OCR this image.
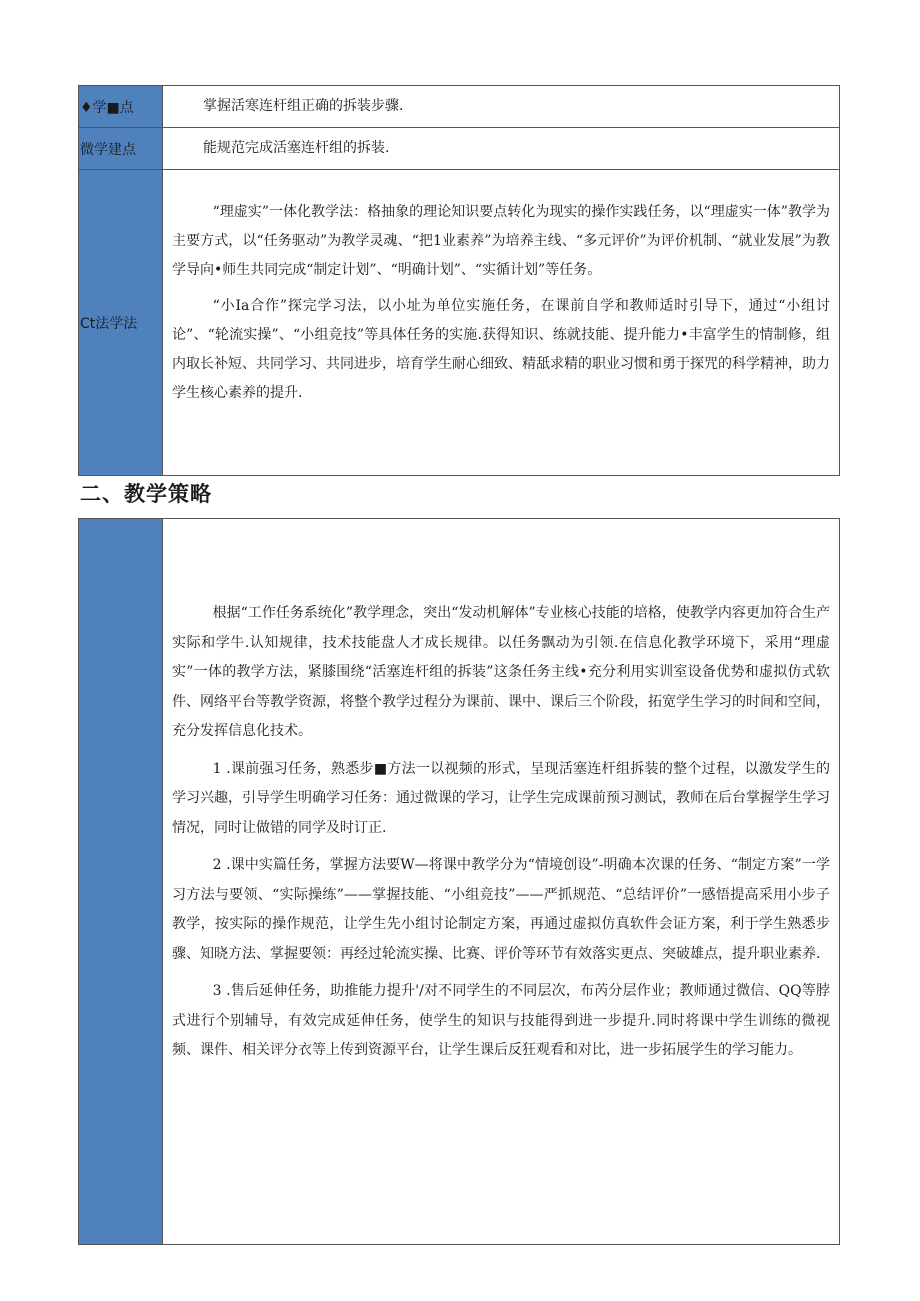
♦学■点	掌握活寒连杆组正确的拆装步骤.
微学建点	能规范完成活塞连杆组的拆装.
Ct法学法	“理虚实”一体化教学法：格抽象的理论知识要点转化为现实的操作实践任务，以“理虚实一体”教学为主要方式，以“任务驱动”为教学灵魂、“把1业素养”为培养主线、“多元评价”为评价机制、“就业发展”为教学导向•师生共同完成“制定计划”、“明确计划”、“实循计划”等任务。

“小Ia合作”探完学习法，以小址为单位实施任务，在课前自学和教师适时引导下，通过“小组讨论”、“轮流实操”、“小组竞技”等具体任务的实施.获得知识、练就技能、提升能力•丰富学生的情制修，组内取长补短、共同学习、共同进步，培育学生耐心细致、精舐求精的职业习惯和勇于探咒的科学精神，助力学生核心素养的提升.

二、教学策略

根据“工作任务系统化”教学理念，突出“发动机解体”专业核心技能的培格，使教学内容更加符合生产实际和学牛.认知规律，技术技能盘人才成长规律。以任务飘动为引领.在信息化教学环境下，采用“理虚实”一体的教学方法，紧膝围绕“活塞连杆组的拆装”这条任务主线•充分利用实训室设备优势和虚拟仿式软件、网络平台等教学资源，将整个教学过程分为课前、课中、课后三个阶段，拓宽学生学习的时间和空间，充分发挥信息化技术。

1 .课前强习任务，熟悉步■方法一以视频的形式，呈现活塞连杆组拆装的整个过程，以激发学生的学习兴趣，引导学生明确学习任务：通过微课的学习，让学生完成课前预习测试，教师在后台掌握学生学习情况，同时让做错的同学及时订正.

2 .课中实篇任务，掌握方法要W—将课中教学分为“情境创设”-明确本次课的任务、“制定方案”一学习方法与要领、“实际操练”——掌握技能、“小组竞技”——严抓规范、“总结评价”一感悟提高采用小步子教学，按实际的操作规范，让学生先小组讨论制定方案，再通过虚拟仿真软件会证方案，利于学生熟悉步骤、知晓方法、掌握要领：再经过轮流实操、比赛、评价等环节有效落实更点、突破雄点，提升职业素养.

3 .售后延伸任务，助推能力提升'/对不同学生的不同层次，布芮分层作业；教师通过微信、QQ等脖式进行个别辅导，有效完成延伸任务，使学生的知识与技能得到进一步提升.同时将课中学生训练的微视频、课件、相关评分衣等上传到资源平台，让学生课后反狂观看和对比，进一步拓展学生的学习能力。
